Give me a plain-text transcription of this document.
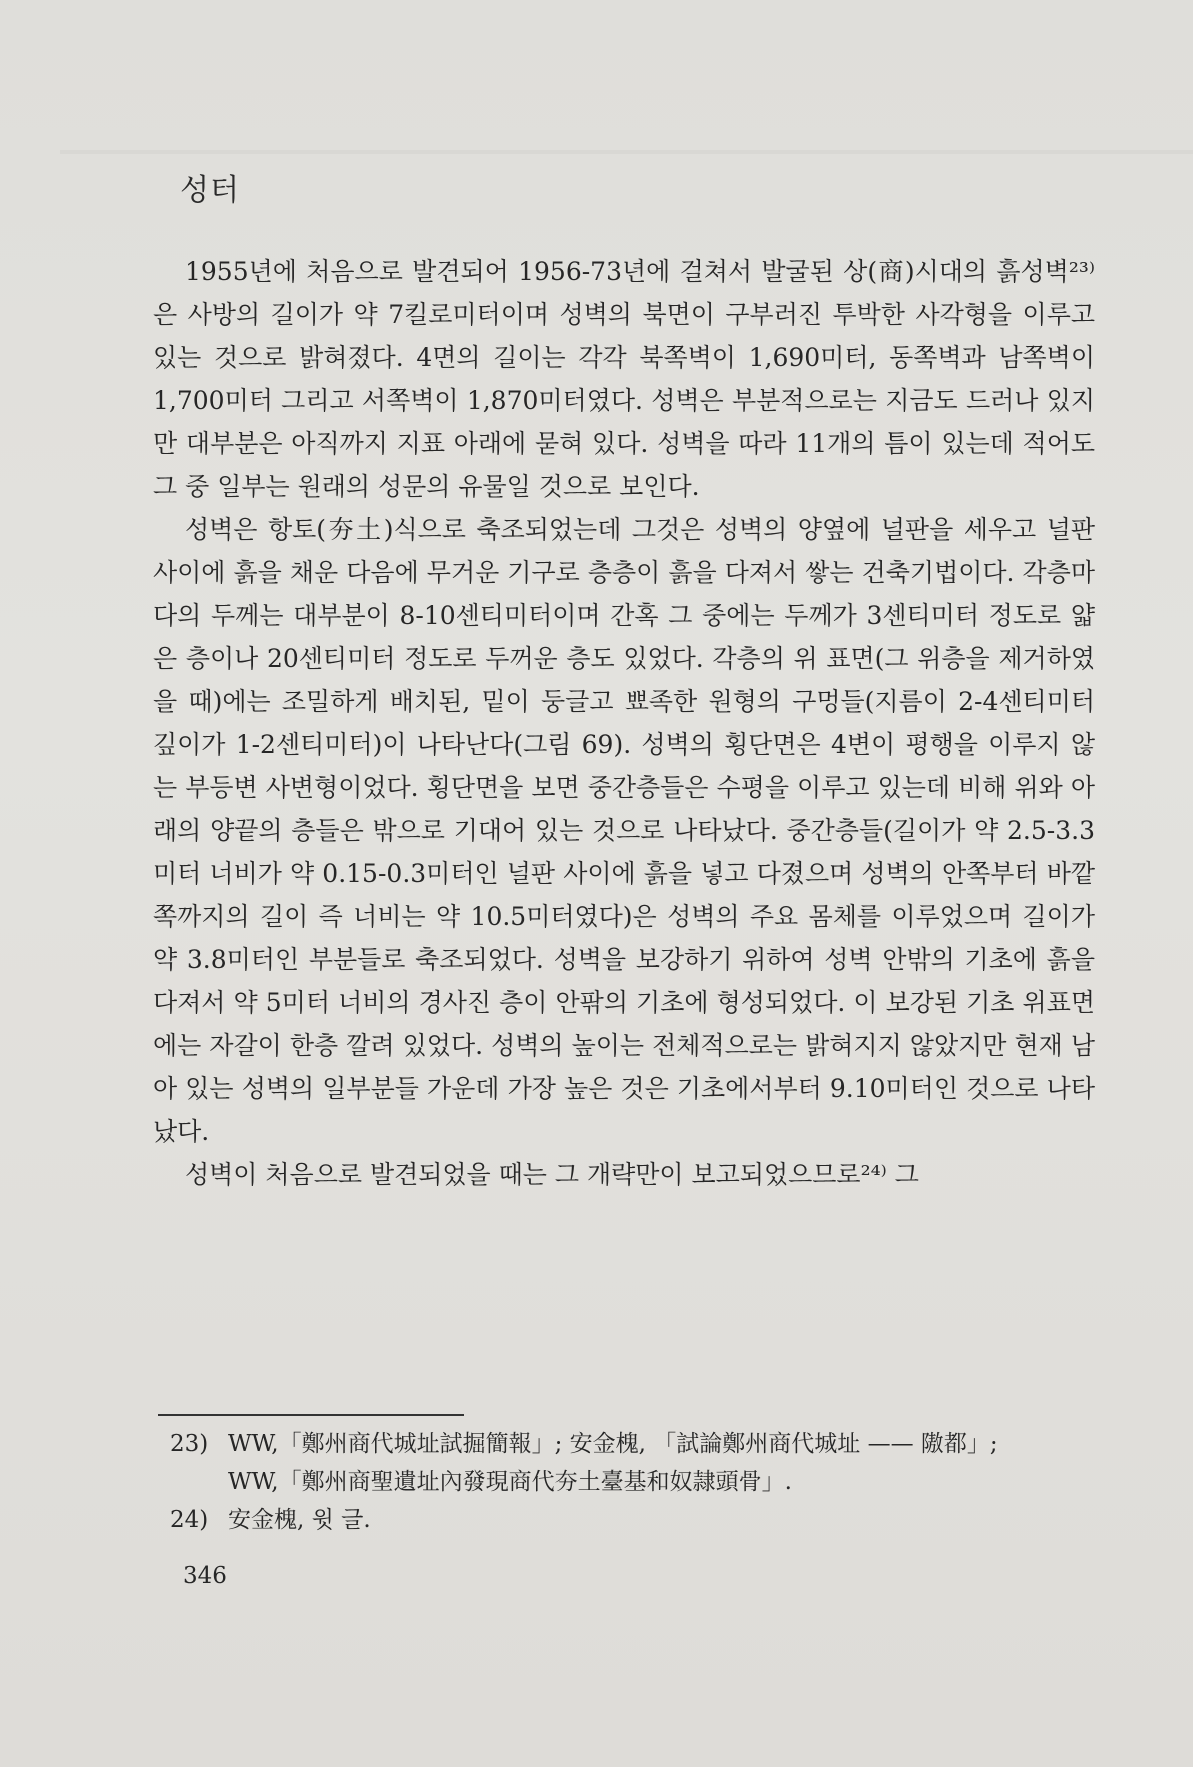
성터

1955년에 처음으로 발견되어 1956-73년에 걸쳐서 발굴된 상(商)시대의 흙성벽²³⁾은 사방의 길이가 약 7킬로미터이며 성벽의 북면이 구부러진 투박한 사각형을 이루고 있는 것으로 밝혀졌다. 4면의 길이는 각각 북쪽벽이 1,690미터, 동쪽벽과 남쪽벽이 1,700미터 그리고 서쪽벽이 1,870미터였다. 성벽은 부분적으로는 지금도 드러나 있지만 대부분은 아직까지 지표 아래에 묻혀 있다. 성벽을 따라 11개의 틈이 있는데 적어도 그 중 일부는 원래의 성문의 유물일 것으로 보인다.

성벽은 항토(夯土)식으로 축조되었는데 그것은 성벽의 양옆에 널판을 세우고 널판 사이에 흙을 채운 다음에 무거운 기구로 층층이 흙을 다져서 쌓는 건축기법이다. 각층마다의 두께는 대부분이 8-10센티미터이며 간혹 그 중에는 두께가 3센티미터 정도로 얇은 층이나 20센티미터 정도로 두꺼운 층도 있었다. 각층의 위 표면(그 위층을 제거하였을 때)에는 조밀하게 배치된, 밑이 둥글고 뾰족한 원형의 구멍들(지름이 2-4센티미터 깊이가 1-2센티미터)이 나타난다(그림 69). 성벽의 횡단면은 4변이 평행을 이루지 않는 부등변 사변형이었다. 횡단면을 보면 중간층들은 수평을 이루고 있는데 비해 위와 아래의 양끝의 층들은 밖으로 기대어 있는 것으로 나타났다. 중간층들(길이가 약 2.5-3.3미터 너비가 약 0.15-0.3미터인 널판 사이에 흙을 넣고 다졌으며 성벽의 안쪽부터 바깥쪽까지의 길이 즉 너비는 약 10.5미터였다)은 성벽의 주요 몸체를 이루었으며 길이가 약 3.8미터인 부분들로 축조되었다. 성벽을 보강하기 위하여 성벽 안밖의 기초에 흙을 다져서 약 5미터 너비의 경사진 층이 안팎의 기초에 형성되었다. 이 보강된 기초 위표면에는 자갈이 한층 깔려 있었다. 성벽의 높이는 전체적으로는 밝혀지지 않았지만 현재 남아 있는 성벽의 일부분들 가운데 가장 높은 것은 기초에서부터 9.10미터인 것으로 나타났다.

성벽이 처음으로 발견되었을 때는 그 개략만이 보고되었으므로²⁴⁾ 그

23) WW,「鄭州商代城址試掘簡報」; 安金槐, 「試論鄭州商代城址 —— 隞都」;
WW,「鄭州商聖遺址內發現商代夯土臺基和奴隷頭骨」.
24) 安金槐, 윗 글.
346
